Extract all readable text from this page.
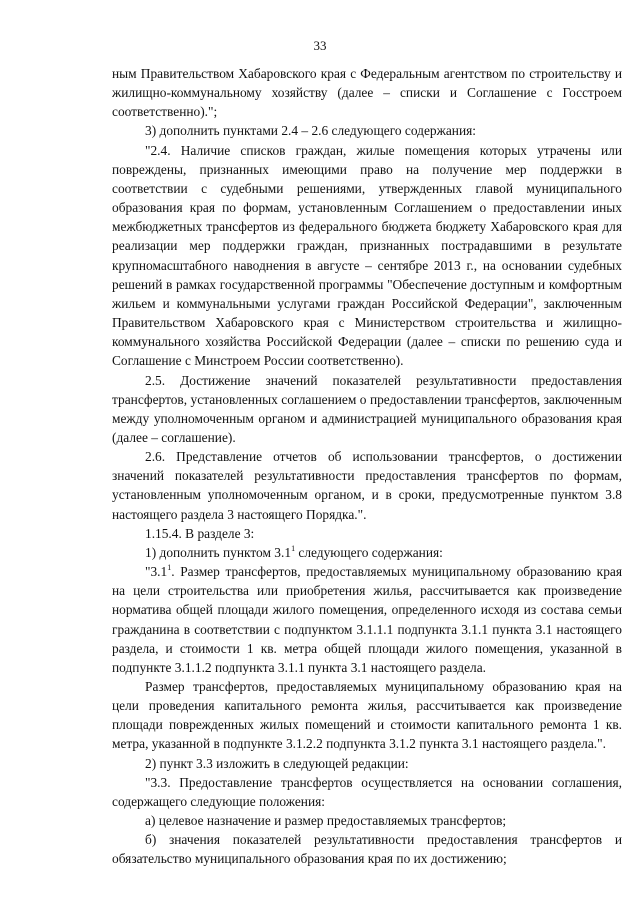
33

ным Правительством Хабаровского края с Федеральным агентством по строительству и жилищно-коммунальному хозяйству (далее – списки и Соглашение с Госстроем соответственно).";

3) дополнить пунктами 2.4 – 2.6 следующего содержания:

"2.4. Наличие списков граждан, жилые помещения которых утрачены или повреждены, признанных имеющими право на получение мер поддержки в соответствии с судебными решениями, утвержденных главой муниципального образования края по формам, установленным Соглашением о предоставлении иных межбюджетных трансфертов из федерального бюджета бюджету Хабаровского края для реализации мер поддержки граждан, признанных пострадавшими в результате крупномасштабного наводнения в августе – сентябре 2013 г., на основании судебных решений в рамках государственной программы "Обеспечение доступным и комфортным жильем и коммунальными услугами граждан Российской Федерации", заключенным Правительством Хабаровского края с Министерством строительства и жилищно-коммунального хозяйства Российской Федерации (далее – списки по решению суда и Соглашение с Минстроем России соответственно).

2.5. Достижение значений показателей результативности предоставления трансфертов, установленных соглашением о предоставлении трансфертов, заключенным между уполномоченным органом и администрацией муниципального образования края (далее – соглашение).

2.6. Представление отчетов об использовании трансфертов, о достижении значений показателей результативности предоставления трансфертов по формам, установленным уполномоченным органом, и в сроки, предусмотренные пунктом 3.8 настоящего раздела 3 настоящего Порядка.".

1.15.4. В разделе 3:

1) дополнить пунктом $3.1^1$ следующего содержания:

"$3.1^1$. Размер трансфертов, предоставляемых муниципальному образованию края на цели строительства или приобретения жилья, рассчитывается как произведение норматива общей площади жилого помещения, определенного исходя из состава семьи гражданина в соответствии с подпунктом 3.1.1.1 подпункта 3.1.1 пункта 3.1 настоящего раздела, и стоимости 1 кв. метра общей площади жилого помещения, указанной в подпункте 3.1.1.2 подпункта 3.1.1 пункта 3.1 настоящего раздела.

Размер трансфертов, предоставляемых муниципальному образованию края на цели проведения капитального ремонта жилья, рассчитывается как произведение площади поврежденных жилых помещений и стоимости капитального ремонта 1 кв. метра, указанной в подпункте 3.1.2.2 подпункта 3.1.2 пункта 3.1 настоящего раздела.".

2) пункт 3.3 изложить в следующей редакции:

"3.3. Предоставление трансфертов осуществляется на основании соглашения, содержащего следующие положения:

а) целевое назначение и размер предоставляемых трансфертов;

б) значения показателей результативности предоставления трансфертов и обязательство муниципального образования края по их достижению;
